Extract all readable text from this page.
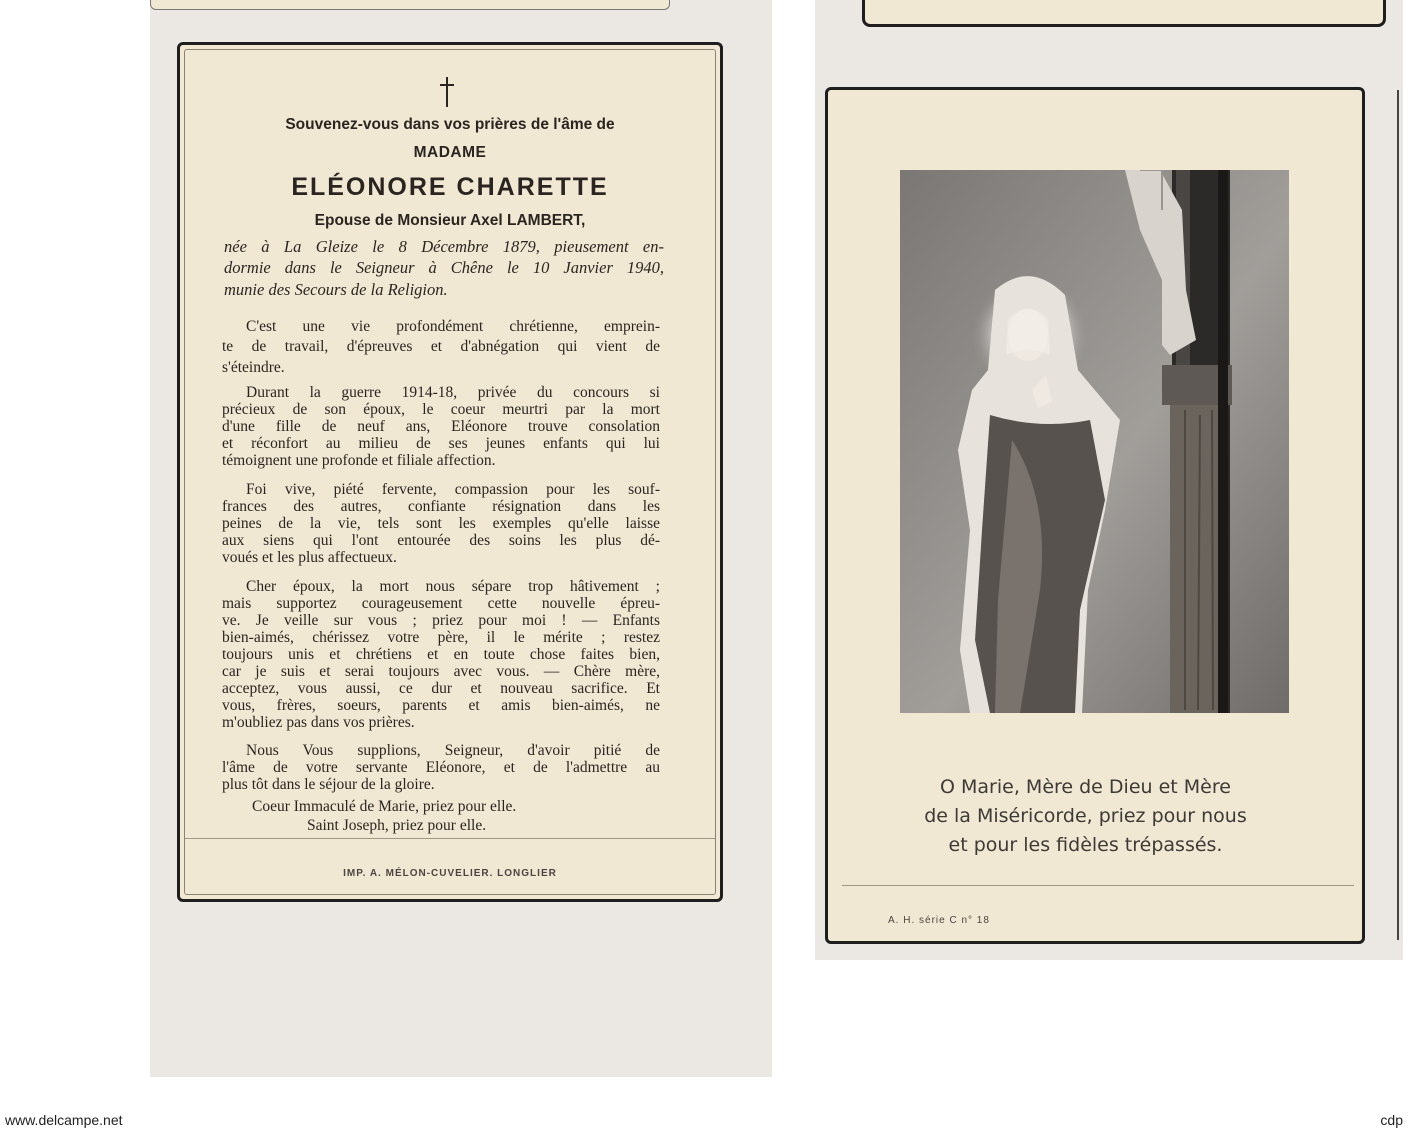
Souvenez-vous dans vos prières de l'âme de

MADAME

ELÉONORE CHARETTE

Epouse de Monsieur Axel LAMBERT,

née à La Gleize le 8 Décembre 1879, pieusement en-

dormie dans le Seigneur à Chêne le 10 Janvier 1940,

munie des Secours de la Religion.

C'est une vie profondément chrétienne, emprein-

te de travail, d'épreuves et d'abnégation qui vient de

s'éteindre.

Durant la guerre 1914-18, privée du concours si

précieux de son époux, le coeur meurtri par la mort

d'une fille de neuf ans, Eléonore trouve consolation

et réconfort au milieu de ses jeunes enfants qui lui

témoignent une profonde et filiale affection.

Foi vive, piété fervente, compassion pour les souf-

frances des autres, confiante résignation dans les

peines de la vie, tels sont les exemples qu'elle laisse

aux siens qui l'ont entourée des soins les plus dé-

voués et les plus affectueux.

Cher époux, la mort nous sépare trop hâtivement ;

mais supportez courageusement cette nouvelle épreu-

ve. Je veille sur vous ; priez pour moi ! — Enfants

bien-aimés, chérissez votre père, il le mérite ; restez

toujours unis et chrétiens et en toute chose faites bien,

car je suis et serai toujours avec vous. — Chère mère,

acceptez, vous aussi, ce dur et nouveau sacrifice. Et

vous, frères, soeurs, parents et amis bien-aimés, ne

m'oubliez pas dans vos prières.

Nous Vous supplions, Seigneur, d'avoir pitié de

l'âme de votre servante Eléonore, et de l'admettre au

plus tôt dans le séjour de la gloire.

Coeur Immaculé de Marie, priez pour elle.

Saint Joseph, priez pour elle.

IMP. A. MÉLON-CUVELIER. LONGLIER

O Marie, Mère de Dieu et Mère

de la Miséricorde, priez pour nous

et pour les fidèles trépassés.

A. H. série C n° 18

www.delcampe.net	cdp
